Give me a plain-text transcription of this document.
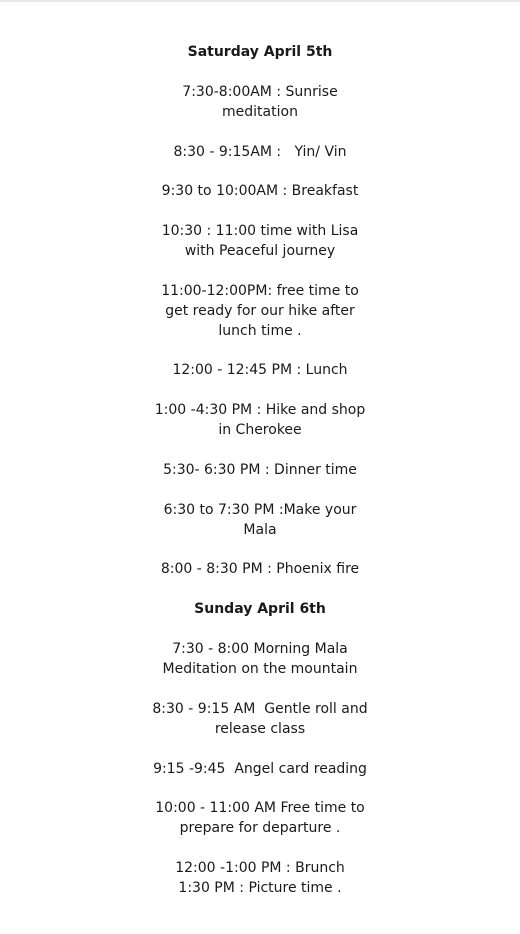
Saturday April 5th
7:30-8:00AM : Sunrise
meditation
8:30 - 9:15AM :   Yin/ Vin
9:30 to 10:00AM : Breakfast
10:30 : 11:00 time with Lisa
with Peaceful journey
11:00-12:00PM: free time to
get ready for our hike after
lunch time .
12:00 - 12:45 PM : Lunch
1:00 -4:30 PM : Hike and shop
in Cherokee
5:30- 6:30 PM : Dinner time
6:30 to 7:30 PM :Make your
Mala
8:00 - 8:30 PM : Phoenix fire
Sunday April 6th
7:30 - 8:00 Morning Mala
Meditation on the mountain
8:30 - 9:15 AM  Gentle roll and
release class
9:15 -9:45  Angel card reading
10:00 - 11:00 AM Free time to
prepare for departure .
12:00 -1:00 PM : Brunch
1:30 PM : Picture time .
